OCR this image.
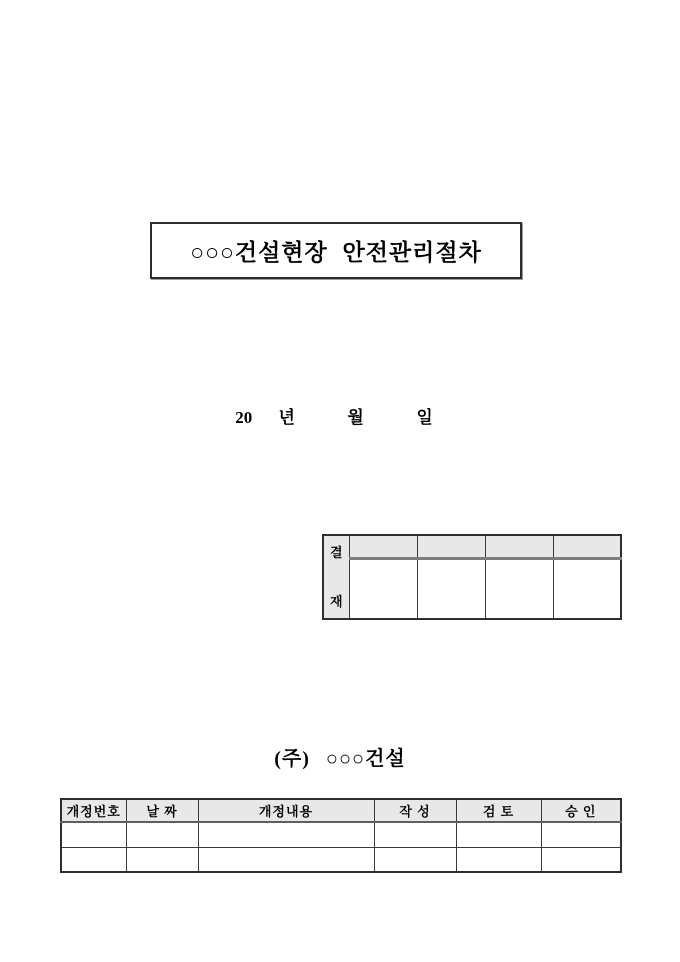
○○○건설현장 안전관리절차
20 년  월  일
결
재				

(주) ○○○건설
개정번호	날 짜	개정내용	작 성	검 토	승 인
